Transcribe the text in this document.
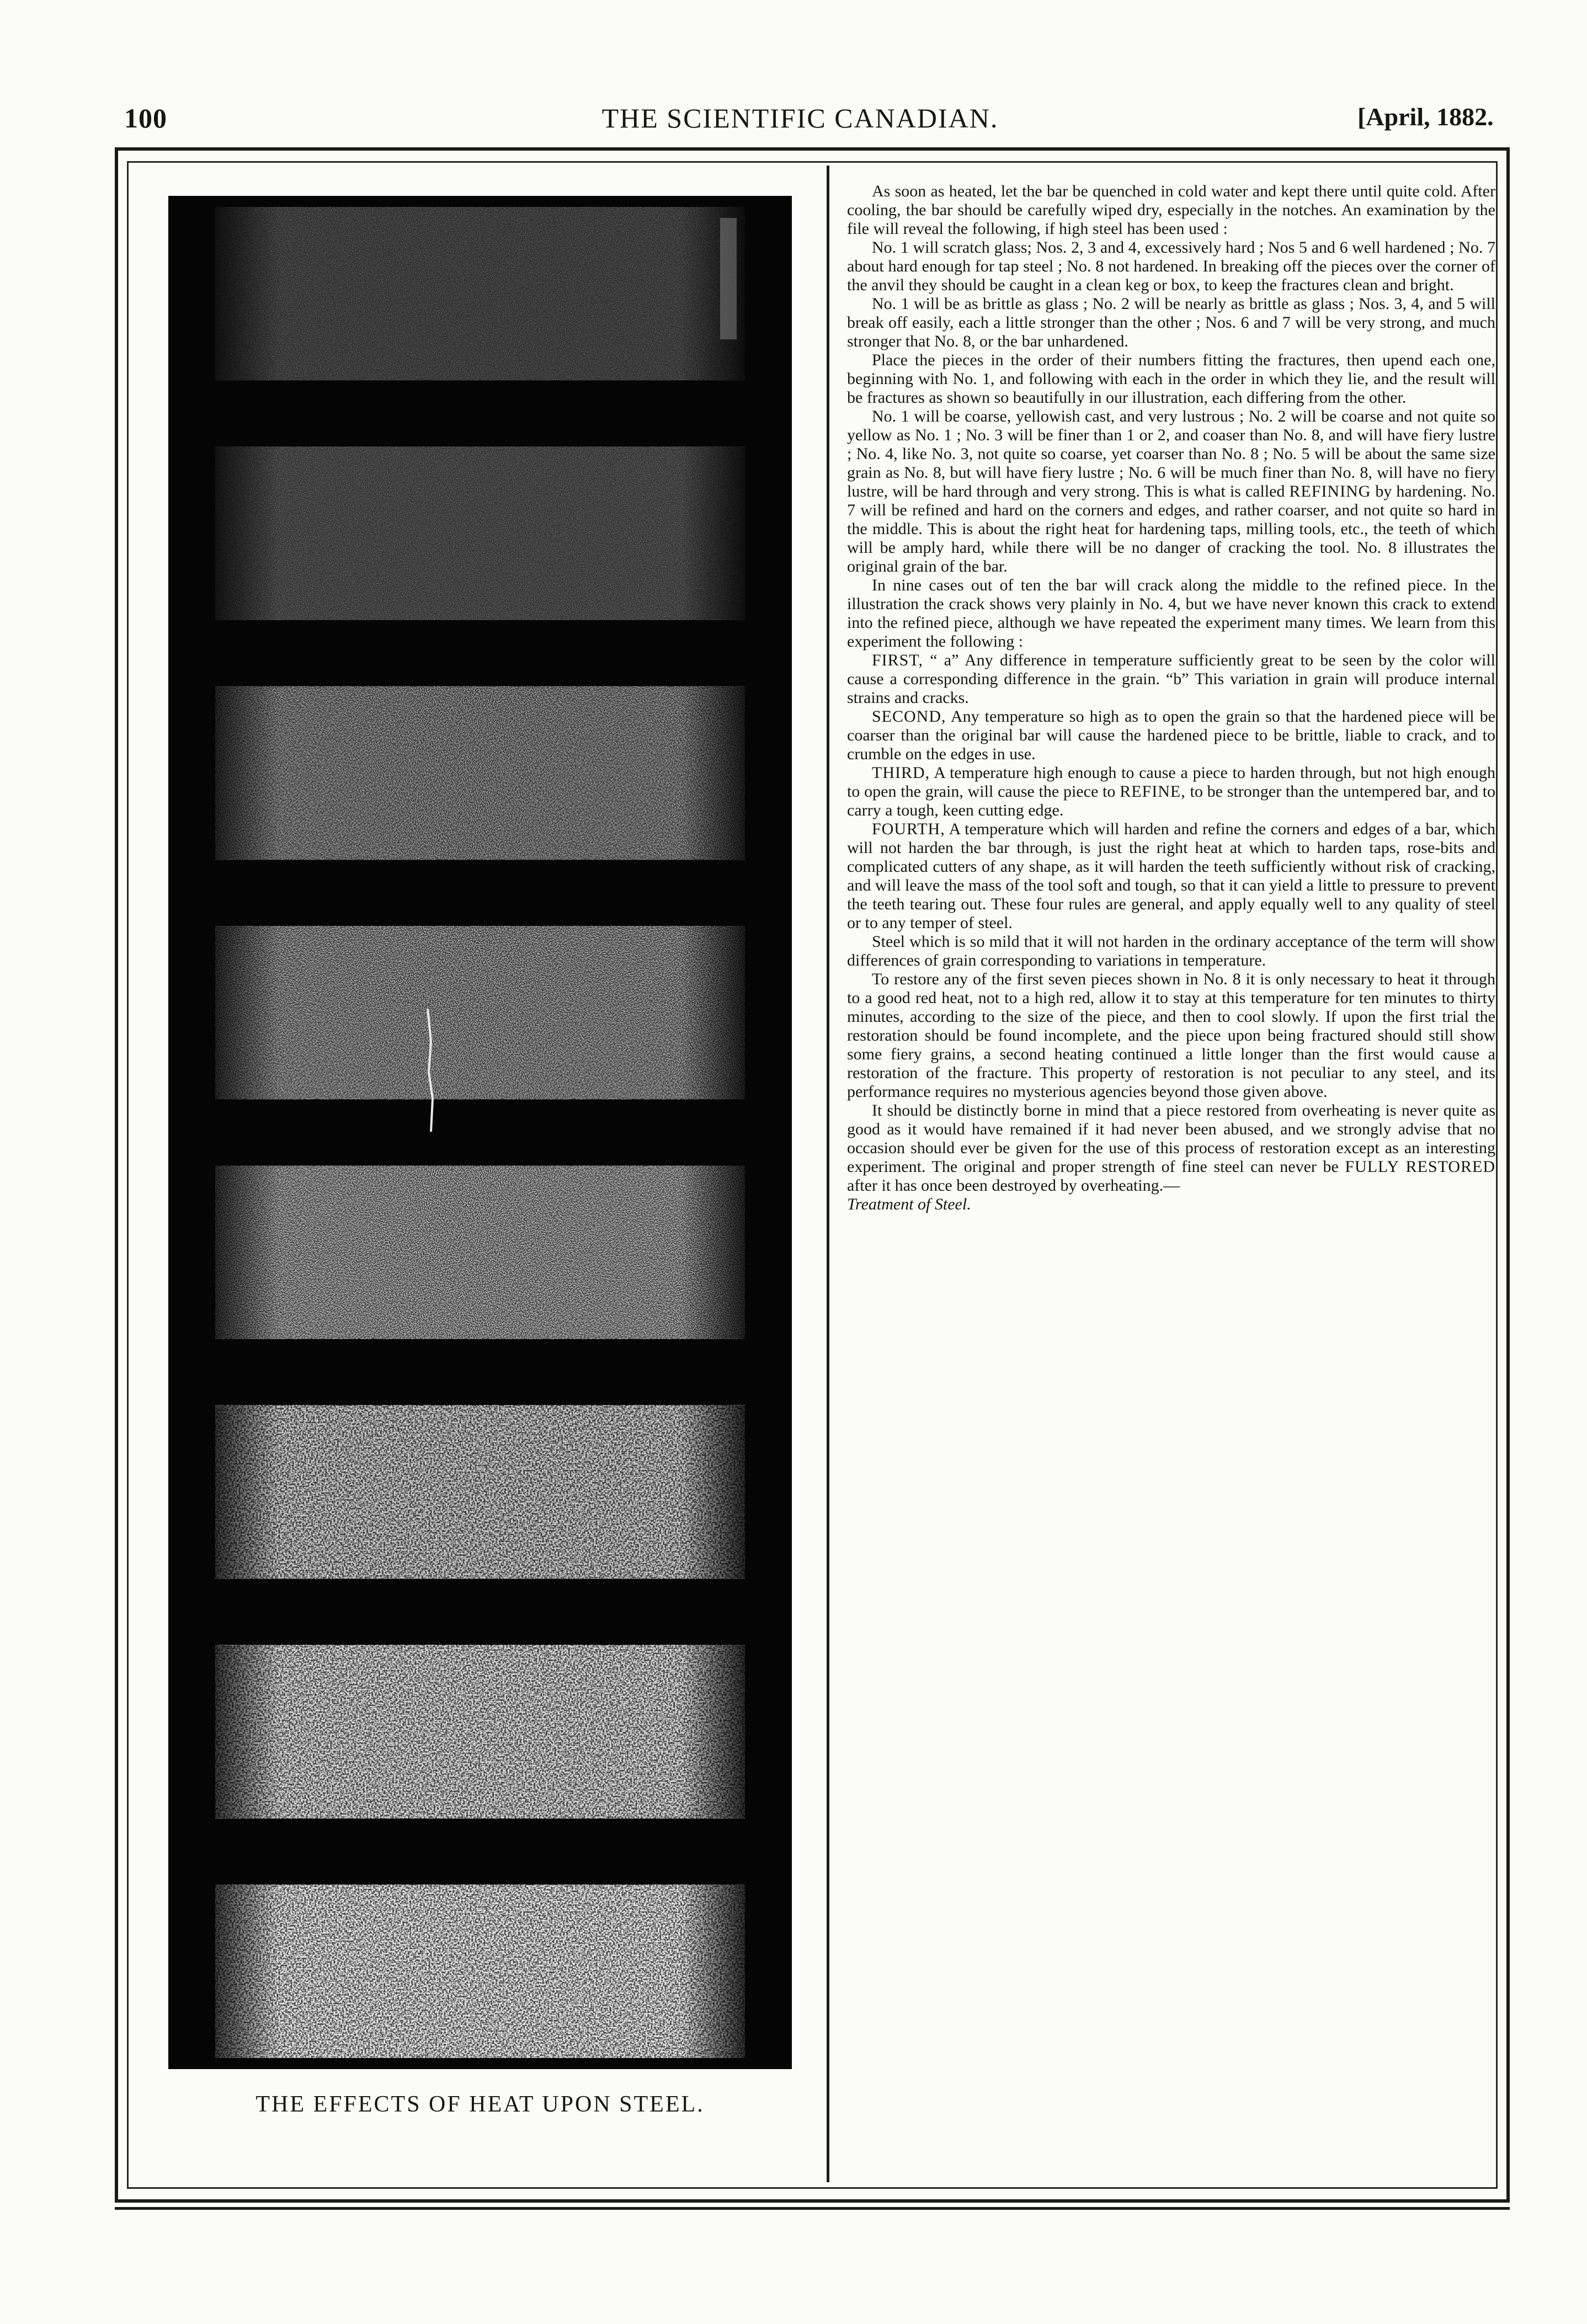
100	THE SCIENTIFIC CANADIAN.	[April, 1882.
THE EFFECTS OF HEAT UPON STEEL.

As soon as heated, let the bar be quenched in cold water and kept there until quite cold. After cooling, the bar should be carefully wiped dry, especially in the notches. An examination by the file will reveal the following, if high steel has been used :

No. 1 will scratch glass; Nos. 2, 3 and 4, excessively hard ; Nos 5 and 6 well hardened ; No. 7 about hard enough for tap steel ; No. 8 not hardened. In breaking off the pieces over the corner of the anvil they should be caught in a clean keg or box, to keep the fractures clean and bright.

No. 1 will be as brittle as glass ; No. 2 will be nearly as brittle as glass ; Nos. 3, 4, and 5 will break off easily, each a little stronger than the other ; Nos. 6 and 7 will be very strong, and much stronger that No. 8, or the bar unhardened.

Place the pieces in the order of their numbers fitting the fractures, then upend each one, beginning with No. 1, and following with each in the order in which they lie, and the result will be fractures as shown so beautifully in our illustration, each differing from the other.

No. 1 will be coarse, yellowish cast, and very lustrous ; No. 2 will be coarse and not quite so yellow as No. 1 ; No. 3 will be finer than 1 or 2, and coaser than No. 8, and will have fiery lustre ; No. 4, like No. 3, not quite so coarse, yet coarser than No. 8 ; No. 5 will be about the same size grain as No. 8, but will have fiery lustre ; No. 6 will be much finer than No. 8, will have no fiery lustre, will be hard through and very strong. This is what is called REFINING by hardening. No. 7 will be refined and hard on the corners and edges, and rather coarser, and not quite so hard in the middle. This is about the right heat for hardening taps, milling tools, etc., the teeth of which will be amply hard, while there will be no danger of cracking the tool. No. 8 illustrates the original grain of the bar.

In nine cases out of ten the bar will crack along the middle to the refined piece. In the illustration the crack shows very plainly in No. 4, but we have never known this crack to extend into the refined piece, although we have repeated the experiment many times. We learn from this experiment the following :

FIRST, “ a” Any difference in temperature sufficiently great to be seen by the color will cause a corresponding difference in the grain. “b” This variation in grain will produce internal strains and cracks.

SECOND, Any temperature so high as to open the grain so that the hardened piece will be coarser than the original bar will cause the hardened piece to be brittle, liable to crack, and to crumble on the edges in use.

THIRD, A temperature high enough to cause a piece to harden through, but not high enough to open the grain, will cause the piece to REFINE, to be stronger than the untempered bar, and to carry a tough, keen cutting edge.

FOURTH, A temperature which will harden and refine the corners and edges of a bar, which will not harden the bar through, is just the right heat at which to harden taps, rose-bits and complicated cutters of any shape, as it will harden the teeth sufficiently without risk of cracking, and will leave the mass of the tool soft and tough, so that it can yield a little to pressure to prevent the teeth tearing out. These four rules are general, and apply equally well to any quality of steel or to any temper of steel.

Steel which is so mild that it will not harden in the ordinary acceptance of the term will show differences of grain corresponding to variations in temperature.

To restore any of the first seven pieces shown in No. 8 it is only necessary to heat it through to a good red heat, not to a high red, allow it to stay at this temperature for ten minutes to thirty minutes, according to the size of the piece, and then to cool slowly. If upon the first trial the restoration should be found incomplete, and the piece upon being fractured should still show some fiery grains, a second heating continued a little longer than the first would cause a restoration of the fracture. This property of restoration is not peculiar to any steel, and its performance requires no mysterious agencies beyond those given above.

It should be distinctly borne in mind that a piece restored from overheating is never quite as good as it would have remained if it had never been abused, and we strongly advise that no occasion should ever be given for the use of this process of restoration except as an interesting experiment. The original and proper strength of fine steel can never be FULLY RESTORED after it has once been destroyed by overheating.—
Treatment of Steel.
